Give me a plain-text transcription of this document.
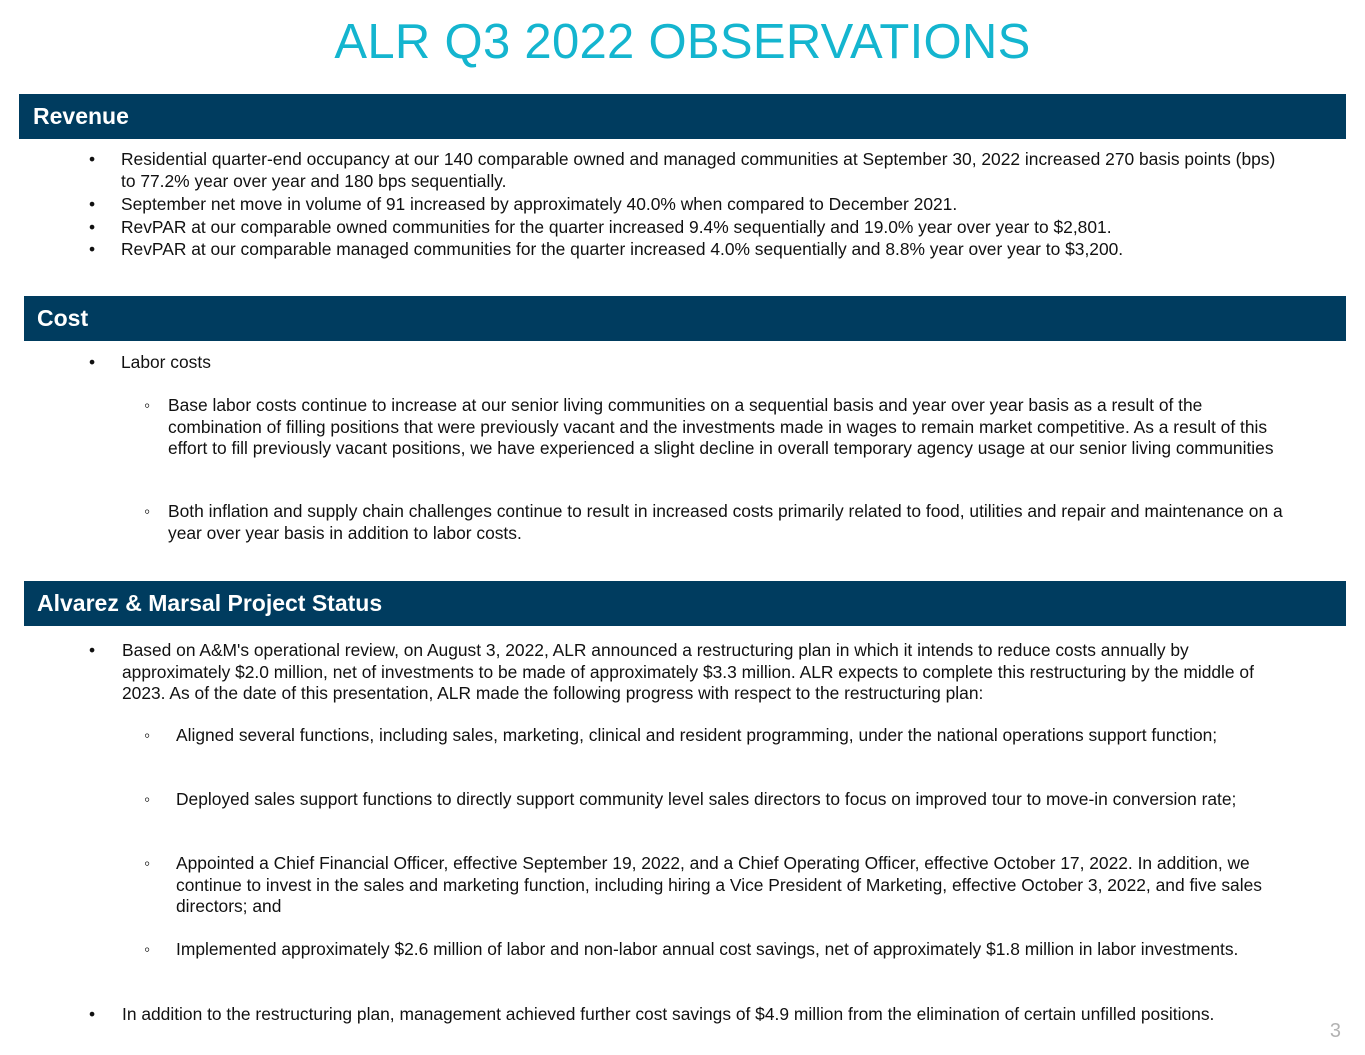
ALR Q3 2022 OBSERVATIONS
Revenue
• Residential quarter-end occupancy at our 140 comparable owned and managed communities at September 30, 2022 increased 270 basis points (bps) to 77.2% year over year and 180 bps sequentially.
• September net move in volume of 91 increased by approximately 40.0% when compared to December 2021.
• RevPAR at our comparable owned communities for the quarter increased 9.4% sequentially and 19.0% year over year to $2,801.
• RevPAR at our comparable managed communities for the quarter increased 4.0% sequentially and 8.8% year over year to $3,200.
Cost
• Labor costs
◦ Base labor costs continue to increase at our senior living communities on a sequential basis and year over year basis as a result of the combination of filling positions that were previously vacant and the investments made in wages to remain market competitive. As a result of this effort to fill previously vacant positions, we have experienced a slight decline in overall temporary agency usage at our senior living communities
◦ Both inflation and supply chain challenges continue to result in increased costs primarily related to food, utilities and repair and maintenance on a year over year basis in addition to labor costs.
Alvarez & Marsal Project Status
• Based on A&M's operational review, on August 3, 2022, ALR announced a restructuring plan in which it intends to reduce costs annually by approximately $2.0 million, net of investments to be made of approximately $3.3 million. ALR expects to complete this restructuring by the middle of 2023. As of the date of this presentation, ALR made the following progress with respect to the restructuring plan:
◦ Aligned several functions, including sales, marketing, clinical and resident programming, under the national operations support function;
◦ Deployed sales support functions to directly support community level sales directors to focus on improved tour to move-in conversion rate;
◦ Appointed a Chief Financial Officer, effective September 19, 2022, and a Chief Operating Officer, effective October 17, 2022. In addition, we continue to invest in the sales and marketing function, including hiring a Vice President of Marketing, effective October 3, 2022, and five sales directors; and
◦ Implemented approximately $2.6 million of labor and non-labor annual cost savings, net of approximately $1.8 million in labor investments.
• In addition to the restructuring plan, management achieved further cost savings of $4.9 million from the elimination of certain unfilled positions.
3
